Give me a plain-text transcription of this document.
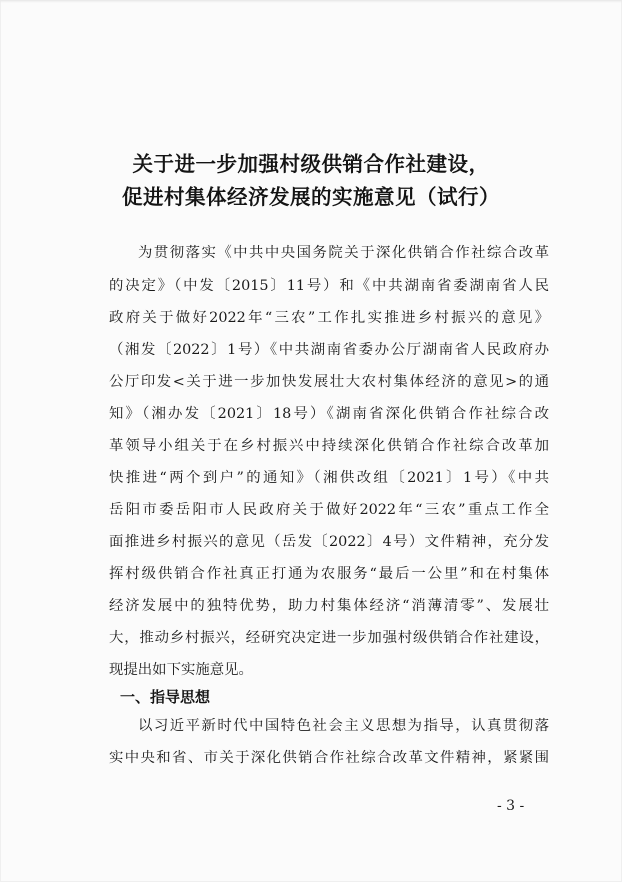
关于进一步加强村级供销合作社建设，
促进村集体经济发展的实施意见（试行）
为贯彻落实《中共中央国务院关于深化供销合作社综合改革
的决定》（中发〔2015〕11号）和《中共湖南省委湖南省人民
政府关于做好2022年“三农”工作扎实推进乡村振兴的意见》
（湘发〔2022〕1号）《中共湖南省委办公厅湖南省人民政府办
公厅印发<关于进一步加快发展壮大农村集体经济的意见>的通
知》（湘办发〔2021〕18号）《湖南省深化供销合作社综合改
革领导小组关于在乡村振兴中持续深化供销合作社综合改革加
快推进“两个到户”的通知》（湘供改组〔2021〕1号）《中共
岳阳市委岳阳市人民政府关于做好2022年“三农”重点工作全
面推进乡村振兴的意见（岳发〔2022〕4号）文件精神，充分发
挥村级供销合作社真正打通为农服务“最后一公里”和在村集体
经济发展中的独特优势，助力村集体经济“消薄清零”、发展壮
大，推动乡村振兴，经研究决定进一步加强村级供销合作社建设，
现提出如下实施意见。
一、指导思想
以习近平新时代中国特色社会主义思想为指导，认真贯彻落
实中央和省、市关于深化供销合作社综合改革文件精神，紧紧围
- 3 -
